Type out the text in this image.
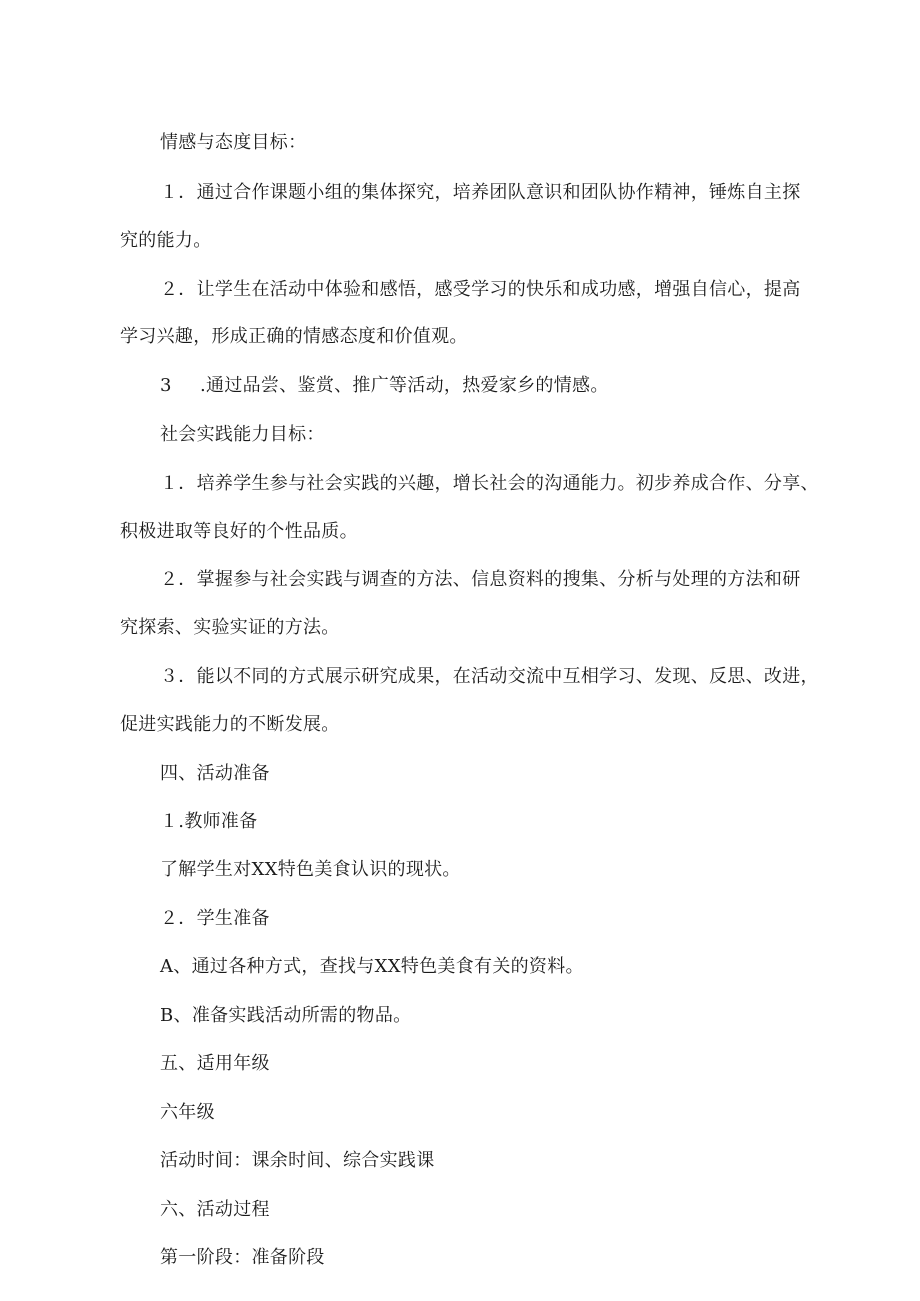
情感与态度目标：
１．通过合作课题小组的集体探究，培养团队意识和团队协作精神，锤炼自主探
究的能力。
２．让学生在活动中体验和感悟，感受学习的快乐和成功感，增强自信心，提高
学习兴趣，形成正确的情感态度和价值观。
3 .通过品尝、鉴赏、推广等活动，热爱家乡的情感。
社会实践能力目标：
１．培养学生参与社会实践的兴趣，增长社会的沟通能力。初步养成合作、分享、
积极进取等良好的个性品质。
２．掌握参与社会实践与调查的方法、信息资料的搜集、分析与处理的方法和研
究探索、实验实证的方法。
３．能以不同的方式展示研究成果，在活动交流中互相学习、发现、反思、改进，
促进实践能力的不断发展。
四、活动准备
１.教师准备
了解学生对XX特色美食认识的现状。
２．学生准备
A、通过各种方式，查找与XX特色美食有关的资料。
B、准备实践活动所需的物品。
五、适用年级
六年级
活动时间：课余时间、综合实践课
六、活动过程
第一阶段：准备阶段
